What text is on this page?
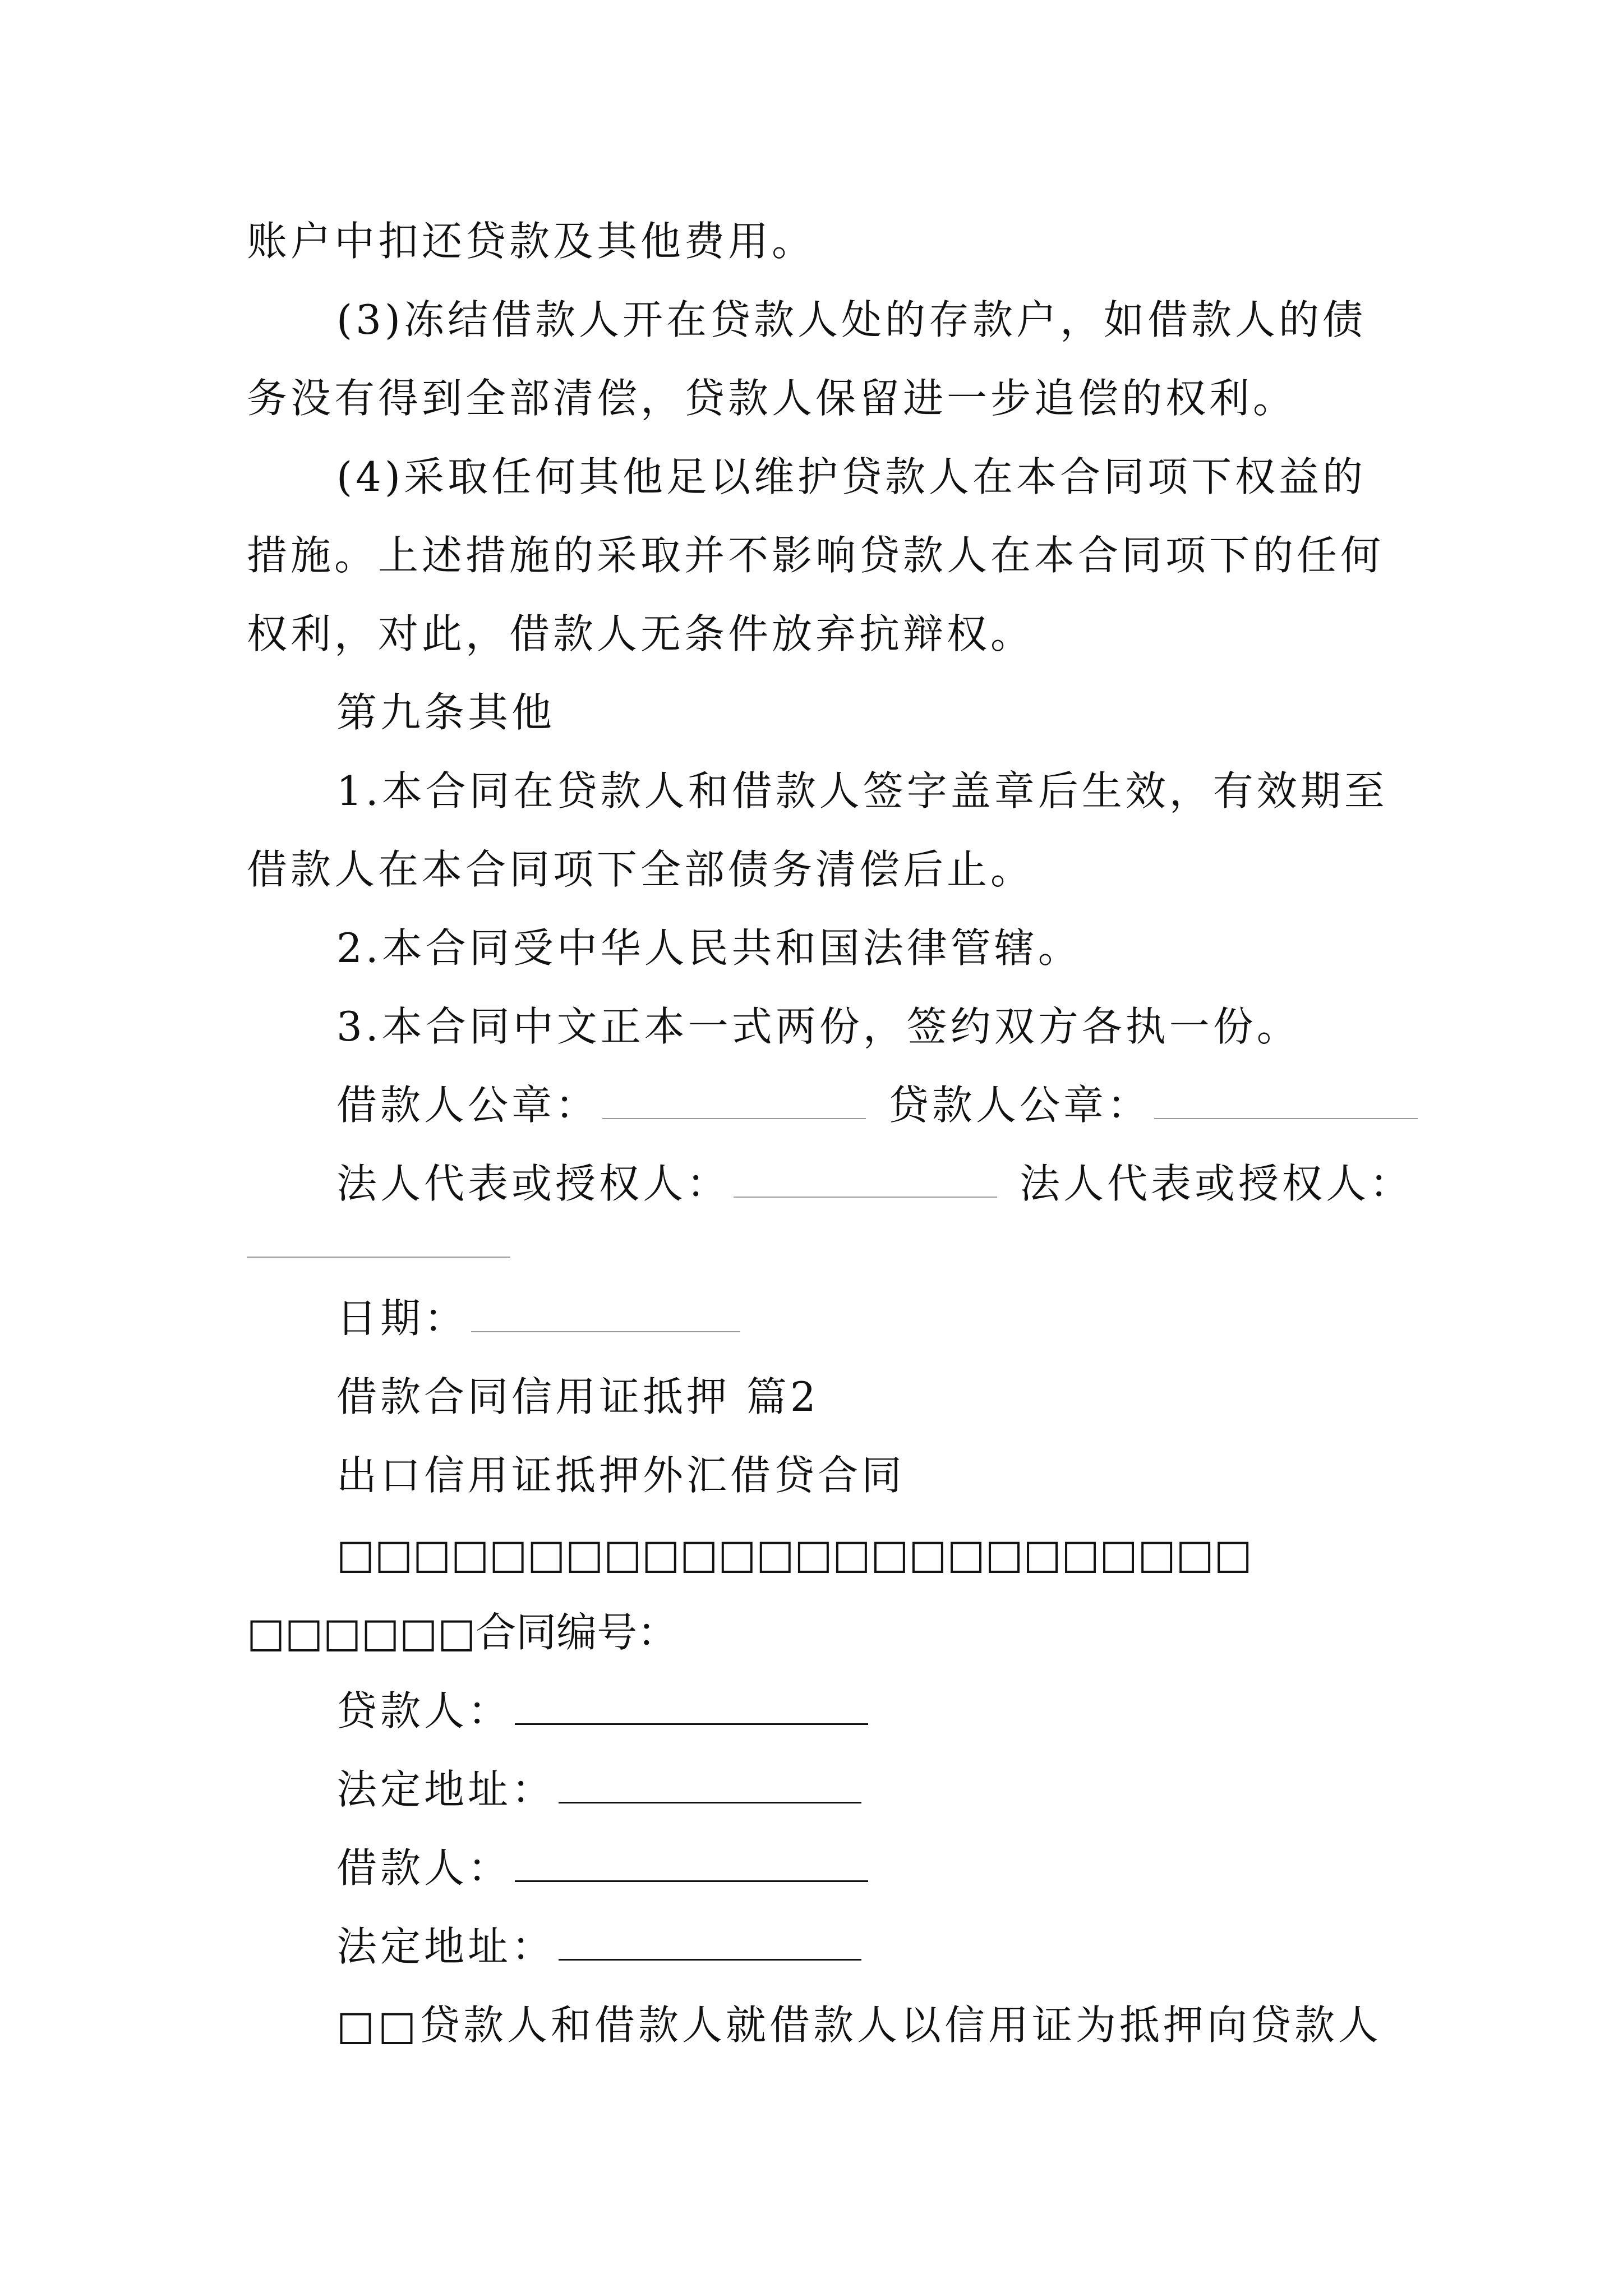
账户中扣还贷款及其他费用。
(3)冻结借款人开在贷款人处的存款户，如借款人的债
务没有得到全部清偿，贷款人保留进一步追偿的权利。
(4)采取任何其他足以维护贷款人在本合同项下权益的
措施。上述措施的采取并不影响贷款人在本合同项下的任何
权利，对此，借款人无条件放弃抗辩权。
第九条其他
1.本合同在贷款人和借款人签字盖章后生效，有效期至
借款人在本合同项下全部债务清偿后止。
2.本合同受中华人民共和国法律管辖。
3.本合同中文正本一式两份，签约双方各执一份。
借款人公章：	贷款人公章：
法人代表或授权人：	法人代表或授权人：
日期：
借款合同信用证抵押 篇2
出口信用证抵押外汇借贷合同
□□□□□□□□□□□□□□□□□□□□□□□□
□□□□□□合同编号：
贷款人：
法定地址：
借款人：
法定地址：
□□贷款人和借款人就借款人以信用证为抵押向贷款人
